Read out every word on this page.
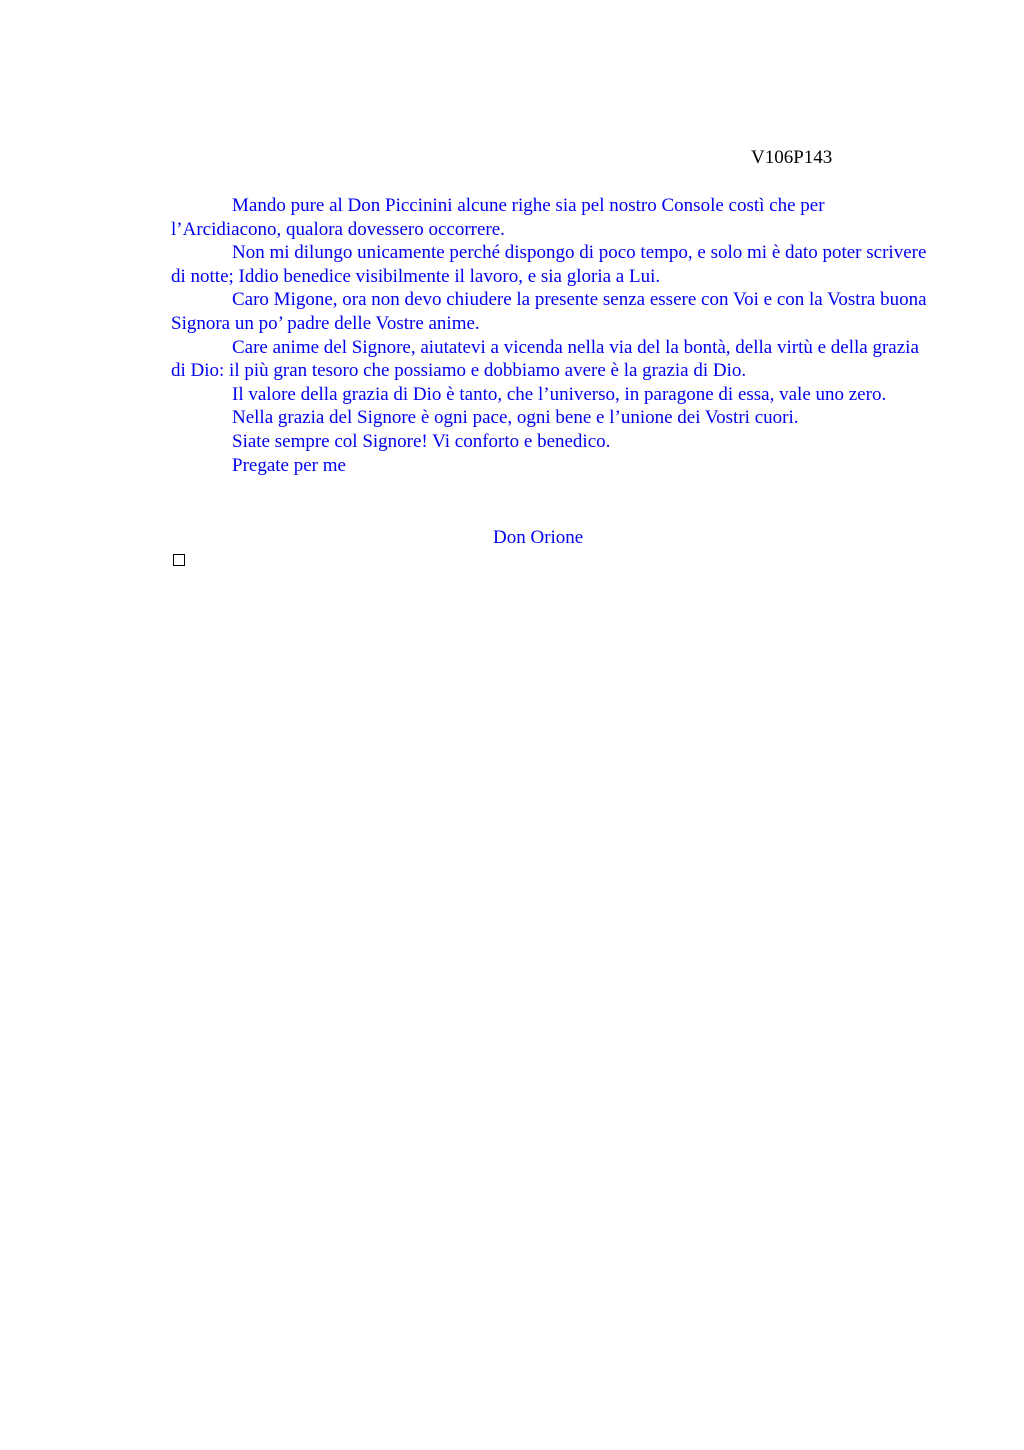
V106P143

Mando pure al Don Piccinini alcune righe sia pel nostro Console costì che per l’Arcidiacono, qualora dovessero occorrere.

Non mi dilungo unicamente perché dispongo di poco tempo, e solo mi è dato poter scrivere di notte; Iddio benedice visibilmente il lavoro, e sia gloria a Lui.

Caro Migone, ora non devo chiudere la presente senza essere con Voi e con la Vostra buona Signora un po’ padre delle Vostre anime.

Care anime del Signore, aiutatevi a vicenda nella via del la bontà, della virtù e della grazia di Dio: il più gran tesoro che possiamo e dobbiamo avere è la grazia di Dio.

Il valore della grazia di Dio è tanto, che l’universo, in paragone di essa, vale uno zero.

Nella grazia del Signore è ogni pace, ogni bene e l’unione dei Vostri cuori.

Siate sempre col Signore! Vi conforto e benedico.

Pregate per me

Don Orione
